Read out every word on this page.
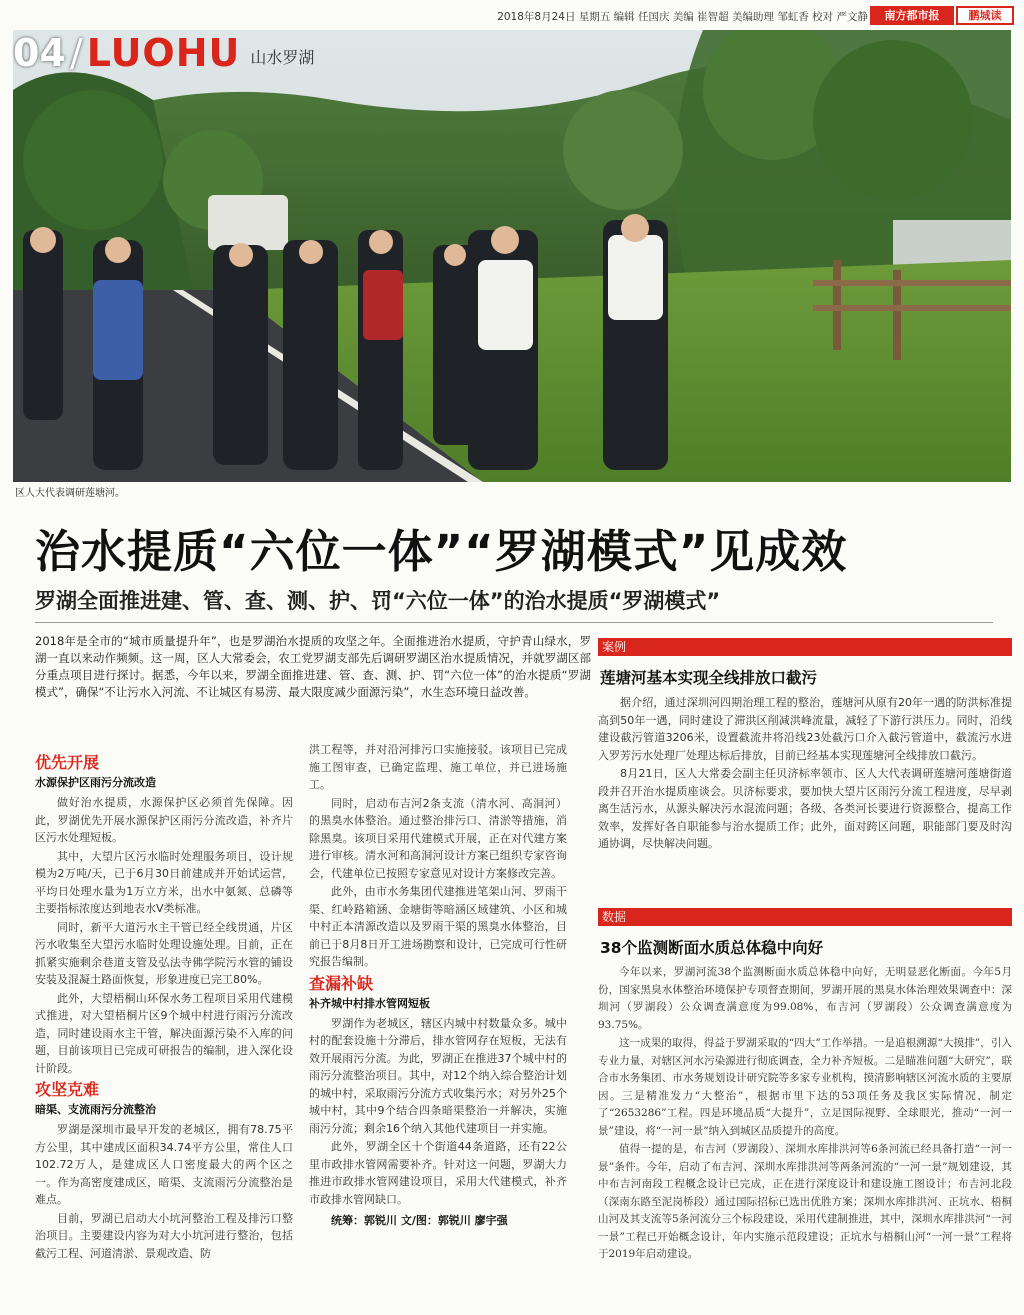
2018年8月24日 星期五 编辑 任国庆 美编 崔智超 美编助理 邹虹香 校对 严文静	南方都市报	鹏城读
04 / LUOHU 山水罗湖
区人大代表调研莲塘河。
治水提质“六位一体”“罗湖模式”见成效
罗湖全面推进建、管、查、测、护、罚“六位一体”的治水提质“罗湖模式”

2018年是全市的“城市质量提升年”，也是罗湖治水提质的攻坚之年。全面推进治水提质，守护青山绿水，罗湖一直以来动作频频。这一周，区人大常委会，农工党罗湖支部先后调研罗湖区治水提质情况，并就罗湖区部分重点项目进行探讨。据悉，今年以来，罗湖全面推进建、管、查、测、护、罚“六位一体”的治水提质“罗湖模式”，确保“不让污水入河流、不让城区有易涝、最大限度减少面源污染”，水生态环境日益改善。

优先开展
水源保护区雨污分流改造

做好治水提质，水源保护区必须首先保障。因此，罗湖优先开展水源保护区雨污分流改造，补齐片区污水处理短板。

其中，大望片区污水临时处理服务项目，设计规模为2万吨/天，已于6月30日前建成并开始试运营，平均日处理水量为1万立方米，出水中氨氮、总磷等主要指标浓度达到地表水Ⅴ类标准。

同时，新平大道污水主干管已经全线贯通，片区污水收集至大望污水临时处理设施处理。目前，正在抓紧实施剩余巷道支管及弘法寺佛学院污水管的铺设安装及混凝土路面恢复，形象进度已完工80%。

此外，大望梧桐山环保水务工程项目采用代建模式推进，对大望梧桐片区9个城中村进行雨污分流改造，同时建设雨水主干管，解决面源污染不入库的问题，目前该项目已完成可研报告的编制，进入深化设计阶段。

攻坚克难
暗渠、支流雨污分流整治

罗湖是深圳市最早开发的老城区，拥有78.75平方公里，其中建成区面积34.74平方公里，常住人口102.72万人，是建成区人口密度最大的两个区之一。作为高密度建成区，暗渠、支流雨污分流整治是难点。

目前，罗湖已启动大小坑河整治工程及排污口整治项目。主要建设内容为对大小坑河进行整治，包括截污工程、河道清淤、景观改造、防

洪工程等，并对沿河排污口实施接驳。该项目已完成施工图审查，已确定监理、施工单位，并已进场施工。

同时，启动布吉河2条支流（清水河、高洞河）的黑臭水体整治。通过整治排污口、清淤等措施，消除黑臭。该项目采用代建模式开展，正在对代建方案进行审核。清水河和高洞河设计方案已组织专家咨询会，代建单位已按照专家意见对设计方案修改完善。

此外，由市水务集团代建推进笔架山河、罗雨干渠、红岭路箱涵、金塘街等暗涵区域建筑、小区和城中村正本清源改造以及罗雨干渠的黑臭水体整治，目前已于8月8日开工进场勘察和设计，已完成可行性研究报告编制。

查漏补缺
补齐城中村排水管网短板

罗湖作为老城区，辖区内城中村数量众多。城中村的配套设施十分滞后，排水管网存在短板，无法有效开展雨污分流。为此，罗湖正在推进37个城中村的雨污分流整治项目。其中，对12个纳入综合整治计划的城中村，采取雨污分流方式收集污水；对另外25个城中村，其中9个结合四条暗渠整治一并解决，实施雨污分流；剩余16个纳入其他代建项目一并实施。

此外，罗湖全区十个街道44条道路，还有22公里市政排水管网需要补齐。针对这一问题，罗湖大力推进市政排水管网建设项目，采用大代建模式，补齐市政排水管网缺口。

统筹：郭锐川 文/图：郭锐川 廖宇强

案例
莲塘河基本实现全线排放口截污

据介绍，通过深圳河四期治理工程的整治，莲塘河从原有20年一遇的防洪标准提高到50年一遇，同时建设了滞洪区削减洪峰流量，减轻了下游行洪压力。同时，沿线建设截污管道3206米，设置截流井将沿线23处截污口介入截污管道中，截流污水进入罗芳污水处理厂处理达标后排放，目前已经基本实现莲塘河全线排放口截污。

8月21日，区人大常委会副主任贝济标率领市、区人大代表调研莲塘河莲塘街道段并召开治水提质座谈会。贝济标要求，要加快大望片区雨污分流工程进度，尽早剥离生活污水，从源头解决污水混流问题；各级、各类河长要进行资源整合，提高工作效率，发挥好各自职能参与治水提质工作；此外，面对跨区问题，职能部门要及时沟通协调，尽快解决问题。

数据
38个监测断面水质总体稳中向好

今年以来，罗湖河流38个监测断面水质总体稳中向好，无明显恶化断面。今年5月份，国家黑臭水体整治环境保护专项督查期间，罗湖开展的黑臭水体治理效果调查中：深圳河（罗湖段）公众调查满意度为99.08%，布吉河（罗湖段）公众调查满意度为93.75%。

这一成果的取得，得益于罗湖采取的“四大”工作举措。一是追根溯源“大摸排”，引入专业力量，对辖区河水污染源进行彻底调查，全力补齐短板。二是瞄准问题“大研究”，联合市水务集团、市水务规划设计研究院等多家专业机构，摸清影响辖区河流水质的主要原因。三是精准发力“大整治”，根据市里下达的53项任务及我区实际情况，制定了“2653286”工程。四是环境品质“大提升”，立足国际视野、全球眼光，推动“一河一景”建设，将“一河一景”纳入到城区品质提升的高度。

值得一提的是，布吉河（罗湖段）、深圳水库排洪河等6条河流已经具备打造“一河一景”条件。今年，启动了布吉河、深圳水库排洪河等两条河流的“一河一景”规划建设，其中布吉河南段工程概念设计已完成，正在进行深度设计和建设施工图设计；布吉河北段（深南东路至泥岗桥段）通过国际招标已选出优胜方案；深圳水库排洪河、正坑水、梧桐山河及其支流等5条河流分三个标段建设，采用代建制推进，其中，深圳水库排洪河“一河一景”工程已开始概念设计，年内实施示范段建设；正坑水与梧桐山河“一河一景”工程将于2019年启动建设。
